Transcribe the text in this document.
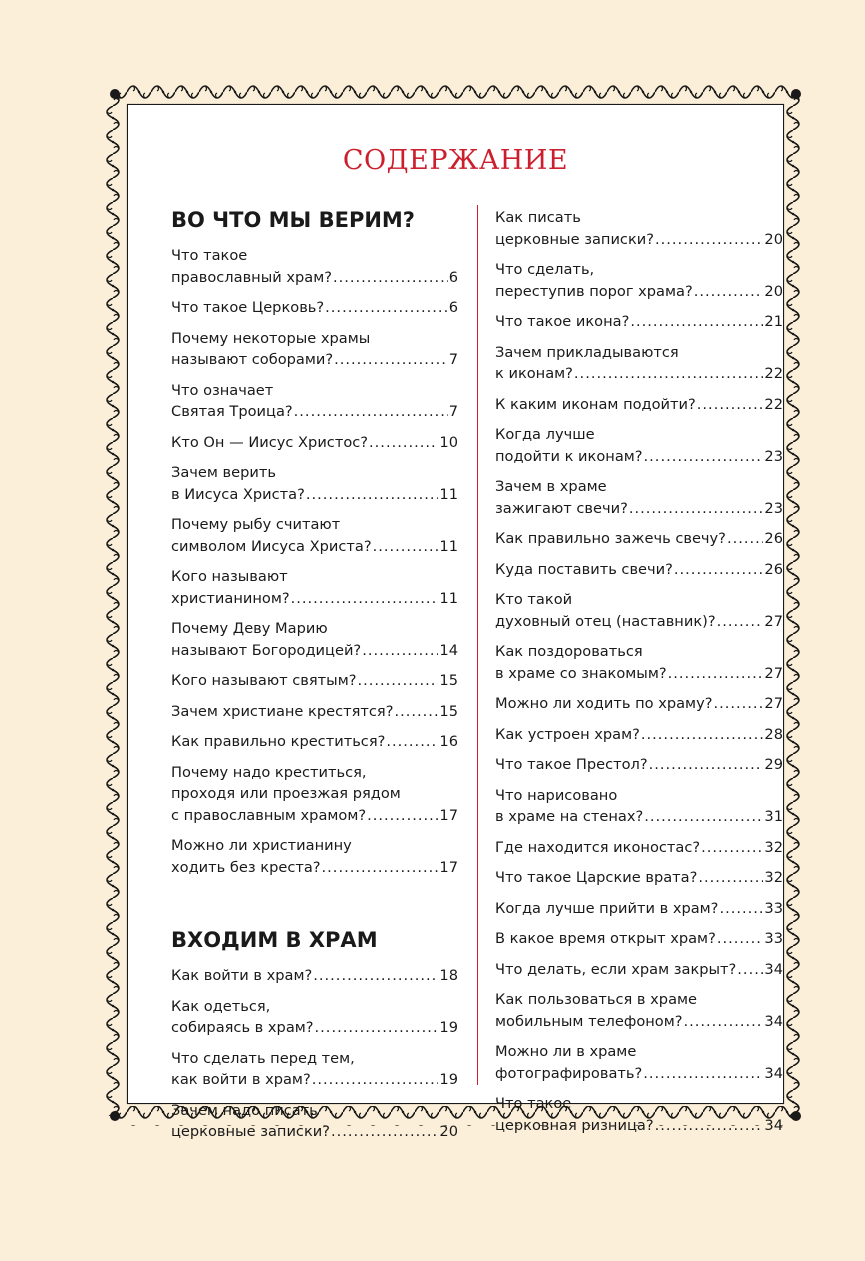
СОДЕРЖАНИЕ
ВО ЧТО МЫ ВЕРИМ?
Что такое
православный храм? .....	6
Что такое Церковь? .....	6
Почему некоторые храмы
называют соборами? .....	7
Что означает
Святая Троица? .....	7
Кто Он — Иисус Христос? .....	10
Зачем верить
в Иисуса Христа? .....	11
Почему рыбу считают
символом Иисуса Христа? .....	11
Кого называют
христианином? .....	11
Почему Деву Марию
называют Богородицей? .....	14
Кого называют святым? .....	15
Зачем христиане крестятся? .....	15
Как правильно креститься? .....	16
Почему надо креститься,
проходя или проезжая рядом
с православным храмом? .....	17
Можно ли христианину
ходить без креста? .....	17
ВХОДИМ В ХРАМ
Как войти в храм? .....	18
Как одеться,
собираясь в храм? .....	19
Что сделать перед тем,
как войти в храм? .....	19
Зачем надо писать
церковные записки? .....	20
Как писать
церковные записки? .....	20
Что сделать,
переступив порог храма? .....	20
Что такое икона? .....	21
Зачем прикладываются
к иконам? .....	22
К каким иконам подойти? .....	22
Когда лучше
подойти к иконам? .....	23
Зачем в храме
зажигают свечи? .....	23
Как правильно зажечь свечу? .....	26
Куда поставить свечи? .....	26
Кто такой
духовный отец (наставник)? .....	27
Как поздороваться
в храме со знакомым? .....	27
Можно ли ходить по храму? .....	27
Как устроен храм? .....	28
Что такое Престол? .....	29
Что нарисовано
в храме на стенах? .....	31
Где находится иконостас? .....	32
Что такое Царские врата? .....	32
Когда лучше прийти в храм? .....	33
В какое время открыт храм? .....	33
Что делать, если храм закрыт? ..... 34
Как пользоваться в храме
мобильным телефоном? .....	34
Можно ли в храме
фотографировать? .....	34
Что такое
церковная ризница? .....	34
